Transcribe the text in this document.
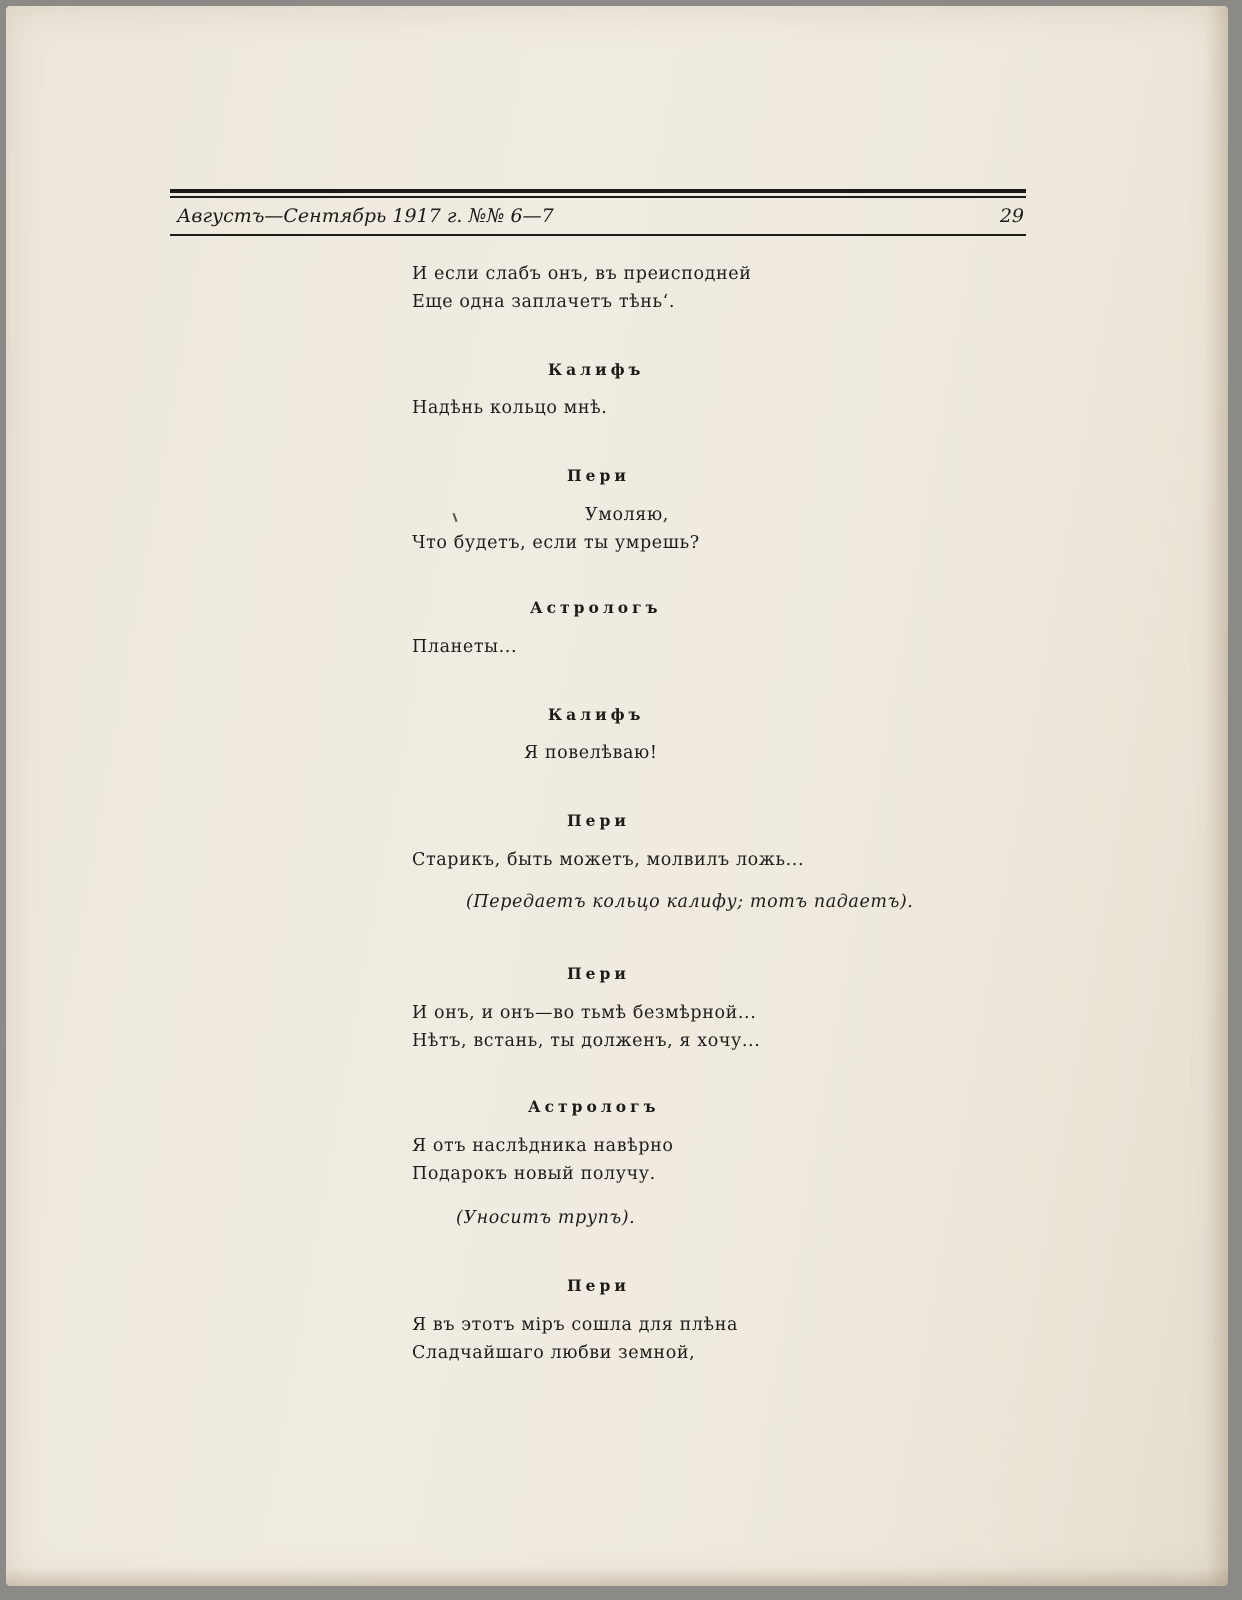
Августъ—Сентябрь 1917 г. №№ 6—7	29
И если слабъ онъ, въ преисподней
Еще одна заплачетъ тѣнь‘.
Калифъ
Надѣнь кольцо мнѣ.
Пери
Умоляю,
Что будетъ, если ты умрешь?
Астрологъ
Планеты...
Калифъ
Я повелѣваю!
Пери
Старикъ, быть можетъ, молвилъ ложь...
(Передаетъ кольцо калифу; тотъ падаетъ).
Пери
И онъ, и онъ—во тьмѣ безмѣрной...
Нѣтъ, встань, ты долженъ, я хочу...
Астрологъ
Я отъ наслѣдника навѣрно
Подарокъ новый получу.
(Уноситъ трупъ).
Пери
Я въ этотъ міръ сошла для плѣна
Сладчайшаго любви земной,
